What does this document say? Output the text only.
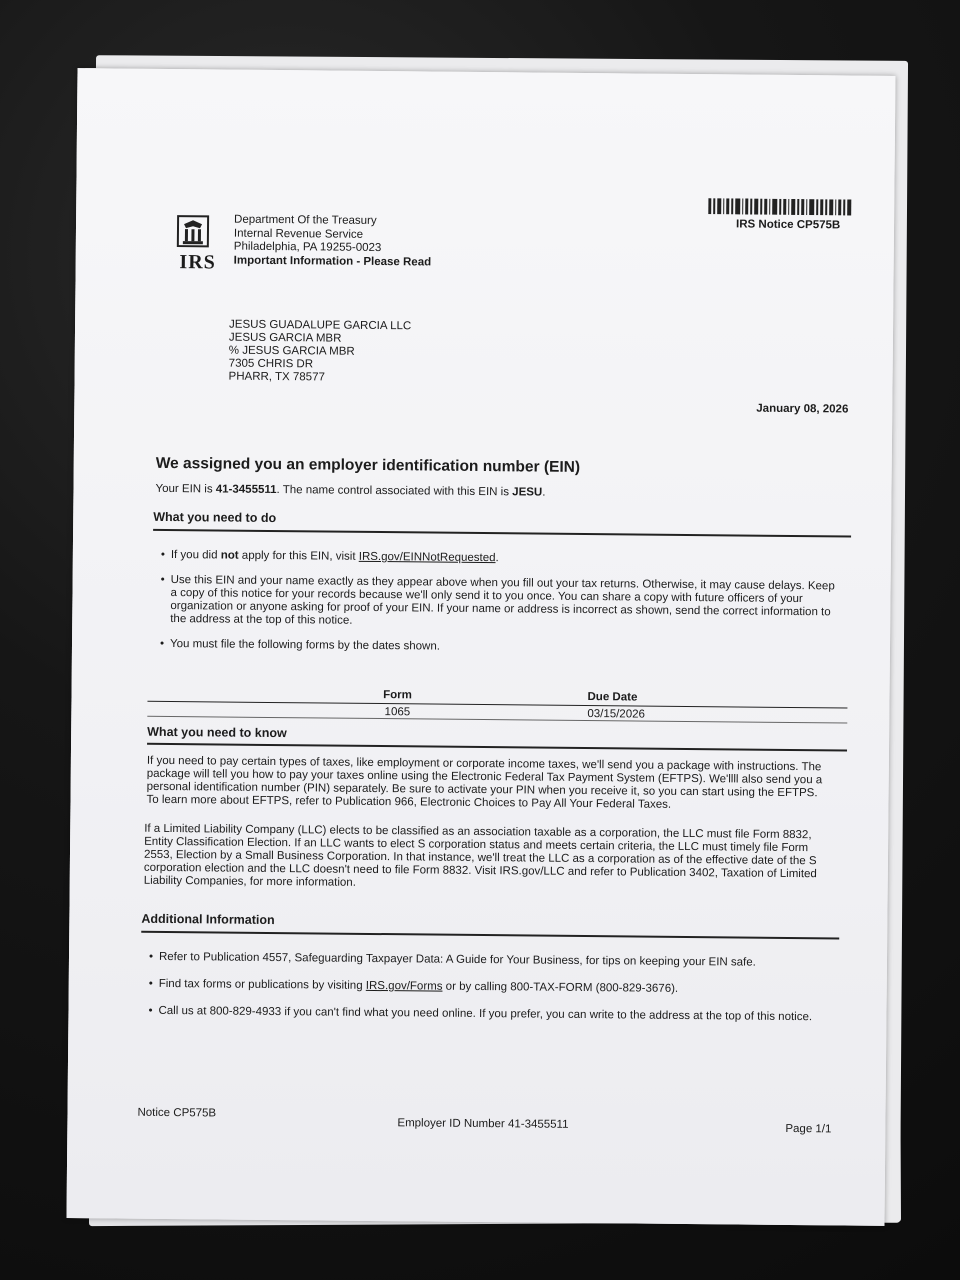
IRS
Department Of the Treasury
Internal Revenue Service
Philadelphia, PA 19255-0023
Important Information - Please Read
IRS Notice CP575B
JESUS GUADALUPE GARCIA LLC
JESUS GARCIA MBR
% JESUS GARCIA MBR
7305 CHRIS DR
PHARR, TX 78577
January 08, 2026
We assigned you an employer identification number (EIN)
Your EIN is 41-3455511. The name control associated with this EIN is JESU.
What you need to do
• If you did not apply for this EIN, visit IRS.gov/EINNotRequested.
• Use this EIN and your name exactly as they appear above when you fill out your tax returns. Otherwise, it may cause delays. Keep a copy of this notice for your records because we'll only send it to you once. You can share a copy with future officers of your organization or anyone asking for proof of your EIN. If your name or address is incorrect as shown, send the correct information to the address at the top of this notice.
• You must file the following forms by the dates shown.
Form	Due Date
1065	03/15/2026
What you need to know
If you need to pay certain types of taxes, like employment or corporate income taxes, we'll send you a package with instructions. The package will tell you how to pay your taxes online using the Electronic Federal Tax Payment System (EFTPS). We'llll also send you a personal identification number (PIN) separately. Be sure to activate your PIN when you receive it, so you can start using the EFTPS. To learn more about EFTPS, refer to Publication 966, Electronic Choices to Pay All Your Federal Taxes.
If a Limited Liability Company (LLC) elects to be classified as an association taxable as a corporation, the LLC must file Form 8832, Entity Classification Election. If an LLC wants to elect S corporation status and meets certain criteria, the LLC must timely file Form 2553, Election by a Small Business Corporation. In that instance, we'll treat the LLC as a corporation as of the effective date of the S corporation election and the LLC doesn't need to file Form 8832. Visit IRS.gov/LLC and refer to Publication 3402, Taxation of Limited Liability Companies, for more information.
Additional Information
• Refer to Publication 4557, Safeguarding Taxpayer Data: A Guide for Your Business, for tips on keeping your EIN safe.
• Find tax forms or publications by visiting IRS.gov/Forms or by calling 800-TAX-FORM (800-829-3676).
• Call us at 800-829-4933 if you can't find what you need online. If you prefer, you can write to the address at the top of this notice.
Notice CP575B
Employer ID Number 41-3455511	Page 1/1
